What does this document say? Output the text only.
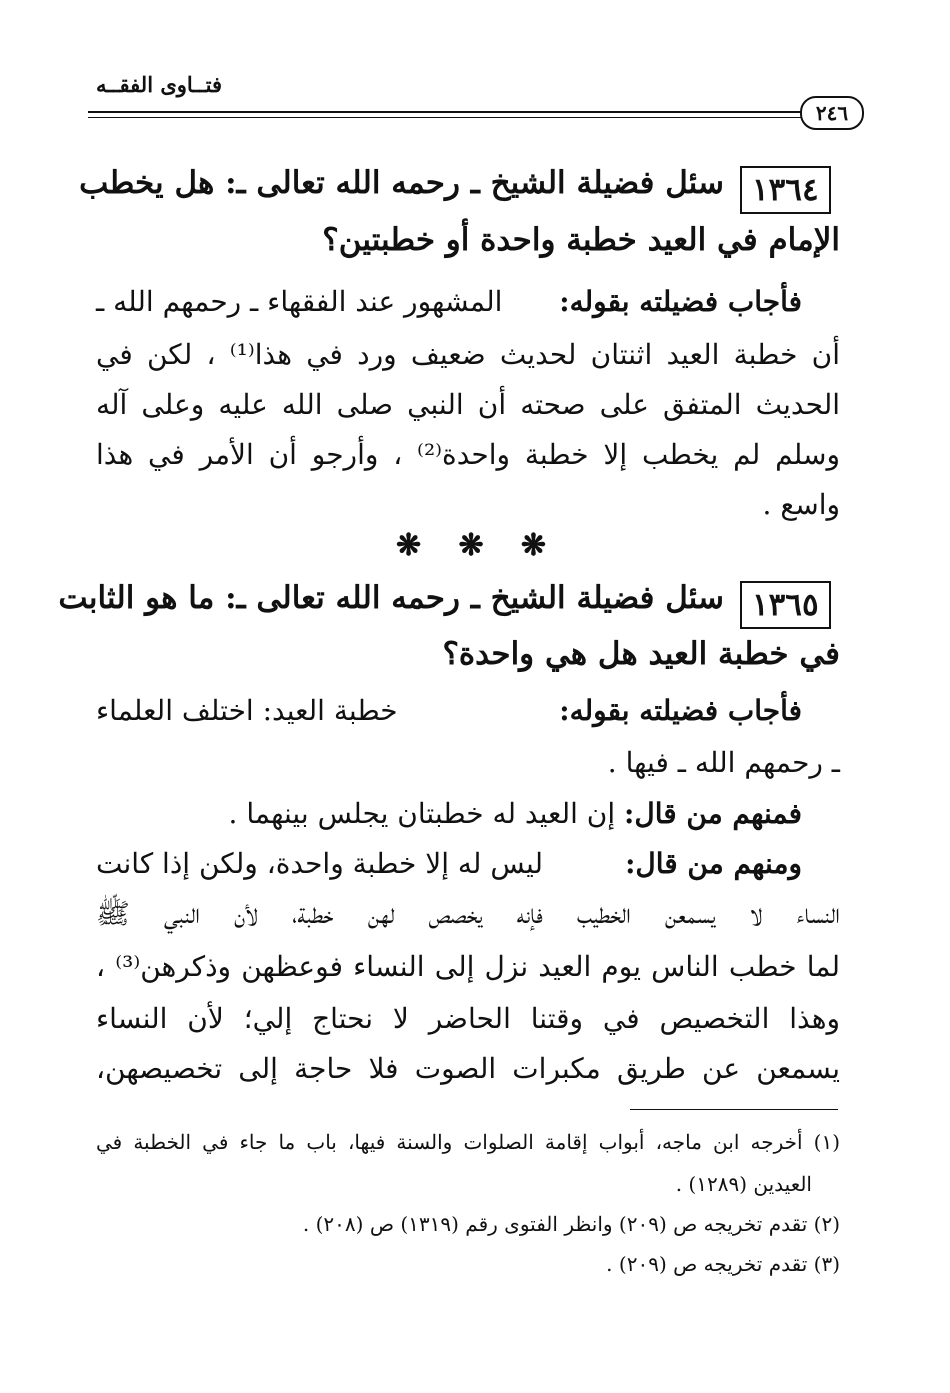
فتــاوى الفقــه
٢٤٦
١٣٦٤
سئل فضيلة الشيخ ـ رحمه الله تعالى ـ: هل يخطب
الإمام في العيد خطبة واحدة أو خطبتين؟
فأجاب فضيلته بقوله:
المشهور عند الفقهاء ـ رحمهم الله ـ
أن خطبة العيد اثنتان لحديث ضعيف ورد في هذا⁽¹⁾ ، لكن في
الحديث المتفق على صحته أن النبي صلى الله عليه وعلى آله
وسلم لم يخطب إلا خطبة واحدة⁽²⁾ ، وأرجو أن الأمر في هذا
واسع .
❋
❋
❋
١٣٦٥
سئل فضيلة الشيخ ـ رحمه الله تعالى ـ: ما هو الثابت
في خطبة العيد هل هي واحدة؟
فأجاب فضيلته بقوله:
خطبة العيد: اختلف العلماء
ـ رحمهم الله ـ فيها .
فمنهم من قال: إن العيد له خطبتان يجلس بينهما .
ومنهم من قال:
ليس له إلا خطبة واحدة، ولكن إذا كانت
النساء لا يسمعن الخطيب فإنه يخصص لهن خطبة، لأن النبي ﷺ
لما خطب الناس يوم العيد نزل إلى النساء فوعظهن وذكرهن⁽³⁾ ،
وهذا التخصيص في وقتنا الحاضر لا نحتاج إلي؛ لأن النساء
يسمعن عن طريق مكبرات الصوت فلا حاجة إلى تخصيصهن،
(١) أخرجه ابن ماجه، أبواب إقامة الصلوات والسنة فيها، باب ما جاء في الخطبة في
العيدين (١٢٨٩) .
(٢) تقدم تخريجه ص (٢٠٩) وانظر الفتوى رقم (١٣١٩) ص (٢٠٨) .
(٣) تقدم تخريجه ص (٢٠٩) .
